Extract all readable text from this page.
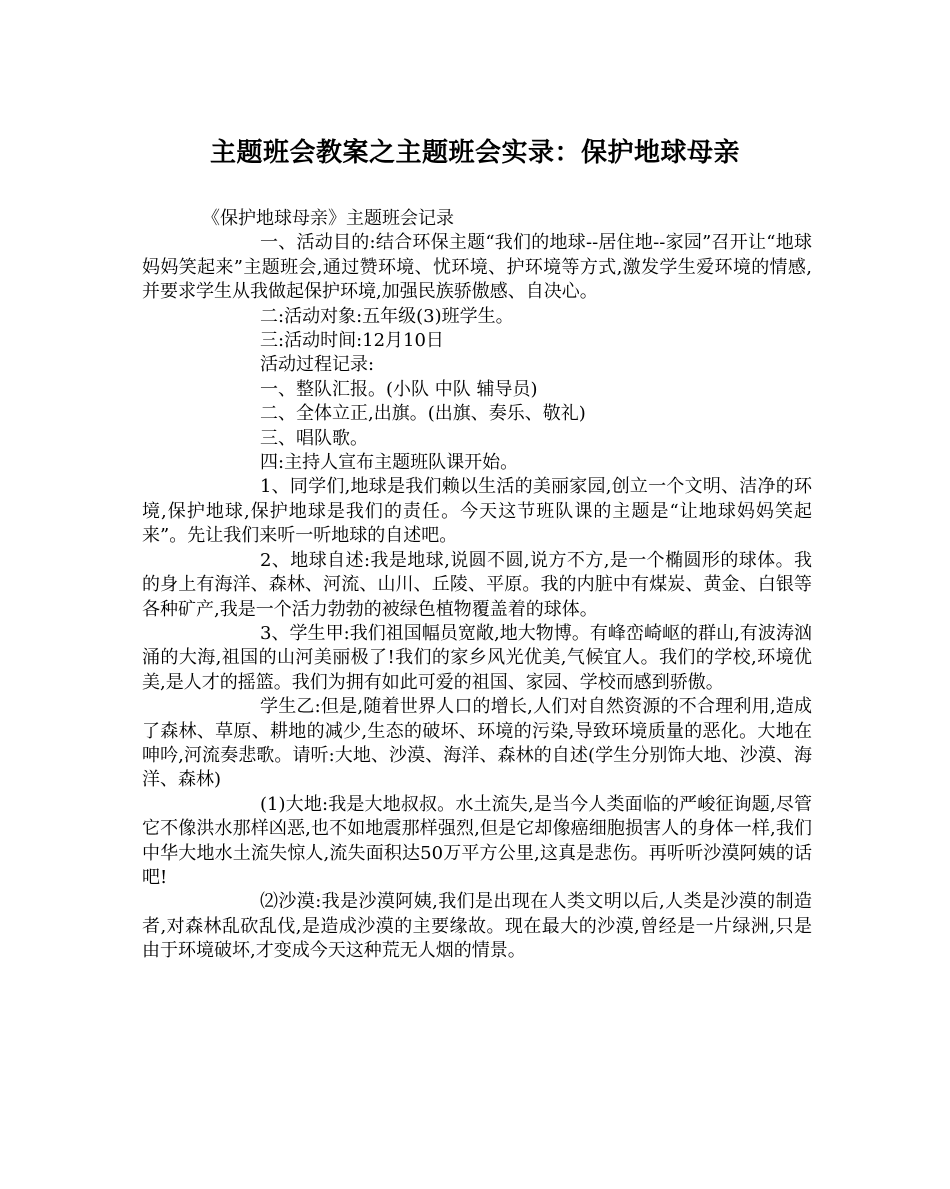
主题班会教案之主题班会实录：保护地球母亲

《保护地球母亲》主题班会记录

一、活动目的:结合环保主题“我们的地球--居住地--家园”召开让“地球妈妈笑起来”主题班会,通过赞环境、忧环境、护环境等方式,激发学生爱环境的情感,并要求学生从我做起保护环境,加强民族骄傲感、自决心。

二:活动对象:五年级(3)班学生。

三:活动时间:12月10日

活动过程记录:

一、整队汇报。(小队 中队 辅导员)

二、全体立正,出旗。(出旗、奏乐、敬礼)

三、唱队歌。

四:主持人宣布主题班队课开始。

1、同学们,地球是我们赖以生活的美丽家园,创立一个文明、洁净的环境,保护地球,保护地球是我们的责任。今天这节班队课的主题是“让地球妈妈笑起来”。先让我们来听一听地球的自述吧。

2、地球自述:我是地球,说圆不圆,说方不方,是一个椭圆形的球体。我的身上有海洋、森林、河流、山川、丘陵、平原。我的内脏中有煤炭、黄金、白银等各种矿产,我是一个活力勃勃的被绿色植物覆盖着的球体。

3、学生甲:我们祖国幅员宽敞,地大物博。有峰峦崎岖的群山,有波涛汹涌的大海,祖国的山河美丽极了!我们的家乡风光优美,气候宜人。我们的学校,环境优美,是人才的摇篮。我们为拥有如此可爱的祖国、家园、学校而感到骄傲。

学生乙:但是,随着世界人口的增长,人们对自然资源的不合理利用,造成了森林、草原、耕地的减少,生态的破坏、环境的污染,导致环境质量的恶化。大地在呻吟,河流奏悲歌。请听:大地、沙漠、海洋、森林的自述(学生分别饰大地、沙漠、海洋、森林)

(1)大地:我是大地叔叔。水土流失,是当今人类面临的严峻征询题,尽管它不像洪水那样凶恶,也不如地震那样强烈,但是它却像癌细胞损害人的身体一样,我们中华大地水土流失惊人,流失面积达50万平方公里,这真是悲伤。再听听沙漠阿姨的话吧!

⑵沙漠:我是沙漠阿姨,我们是出现在人类文明以后,人类是沙漠的制造者,对森林乱砍乱伐,是造成沙漠的主要缘故。现在最大的沙漠,曾经是一片绿洲,只是由于环境破坏,才变成今天这种荒无人烟的情景。
